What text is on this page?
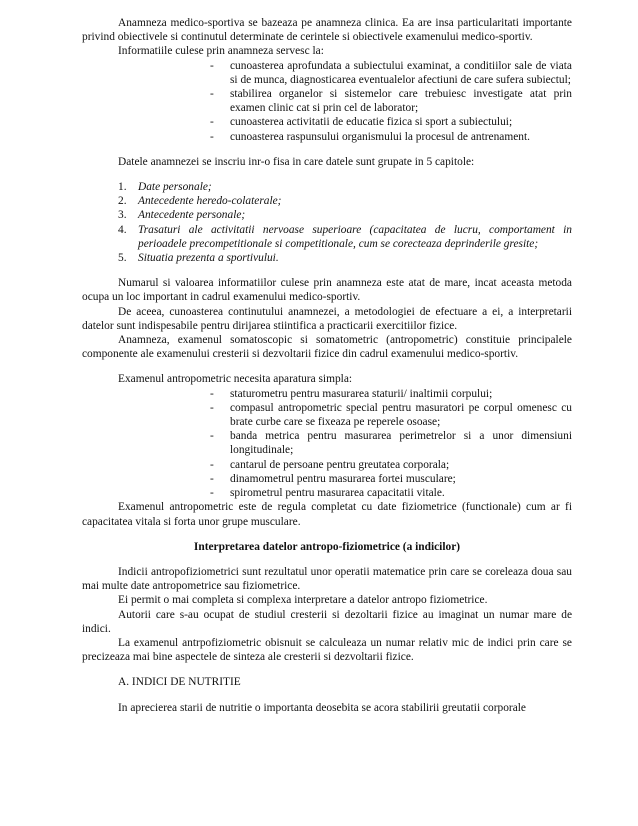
Anamneza medico-sportiva se bazeaza pe anamneza clinica. Ea are insa particularitati importante privind obiectivele si continutul determinate de cerintele si obiectivele examenului medico-sportiv.

Informatiile culese prin anamneza servesc la:

- cunoasterea aprofundata a subiectului examinat, a conditiilor sale de viata si de munca, diagnosticarea eventualelor afectiuni de care sufera subiectul;
- stabilirea organelor si sistemelor care trebuiesc investigate atat prin examen clinic cat si prin cel de laborator;
- cunoasterea activitatii de educatie fizica si sport a subiectului;
- cunoasterea raspunsului organismului la procesul de antrenament.

Datele anamnezei se inscriu inr-o fisa in care datele sunt grupate in 5 capitole:

1. Date personale;
2. Antecedente heredo-colaterale;
3. Antecedente personale;
4. Trasaturi ale activitatii nervoase superioare (capacitatea de lucru, comportament in perioadele precompetitionale si competitionale, cum se corecteaza deprinderile gresite;
5. Situatia prezenta a sportivului.

Numarul si valoarea informatiilor culese prin anamneza este atat de mare, incat aceasta metoda ocupa un loc important in cadrul examenului medico-sportiv.

De aceea, cunoasterea continutului anamnezei, a metodologiei de efectuare a ei, a interpretarii datelor sunt indispesabile pentru dirijarea stiintifica a practicarii exercitiilor fizice.

Anamneza, examenul somatoscopic si somatometric (antropometric) constituie principalele componente ale examenului cresterii si dezvoltarii fizice din cadrul examenului medico-sportiv.

Examenul antropometric necesita aparatura simpla:

- staturometru pentru masurarea staturii/ inaltimii corpului;
- compasul antropometric special pentru masuratori pe corpul omenesc cu brate curbe care se fixeaza pe reperele osoase;
- banda metrica pentru masurarea perimetrelor si a unor dimensiuni longitudinale;
- cantarul de persoane pentru greutatea corporala;
- dinamometrul pentru masurarea fortei musculare;
- spirometrul pentru masurarea capacitatii vitale.

Examenul antropometric este de regula completat cu date fiziometrice (functionale) cum ar fi capacitatea vitala si forta unor grupe musculare.

Interpretarea datelor antropo-fiziometrice (a indicilor)

Indicii antropofiziometrici sunt rezultatul unor operatii matematice prin care se coreleaza doua sau mai multe date antropometrice sau fiziometrice.

Ei permit o mai completa si complexa interpretare a datelor antropo fiziometrice.

Autorii care s-au ocupat de studiul cresterii si dezoltarii fizice au imaginat un numar mare de indici.

La examenul antrpofiziometric obisnuit se calculeaza un numar relativ mic de indici prin care se precizeaza mai bine aspectele de sinteza ale cresterii si dezvoltarii fizice.

A. INDICI DE NUTRITIE

In aprecierea starii de nutritie o importanta deosebita se acora stabilirii greutatii corporale
